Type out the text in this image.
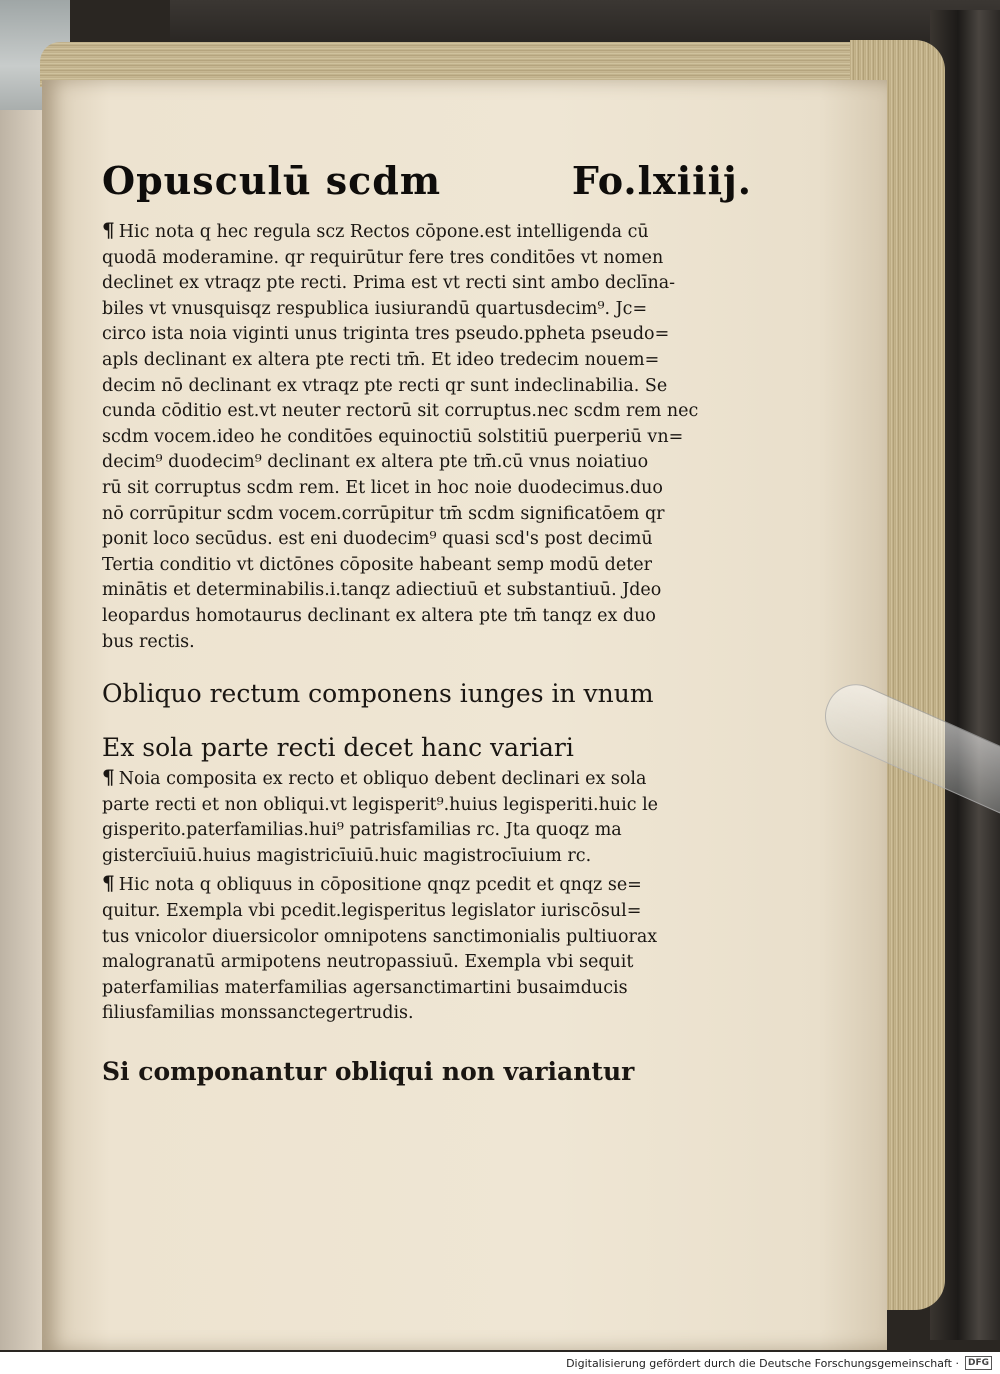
Opusculū scdm	Fo.lxiiij.

¶ Hic nota q hec regula scz Rectos cōpone.est intelligenda cū
quodā moderamine. qr requirūtur fere tres conditōes vt nomen
declinet ex vtraqz pte recti. Prima est vt recti sint ambo declīna-
biles vt vnusquisqz respublica iusiurandū quartusdecim⁹. Jc=
circo ista noia viginti unus triginta tres pseudo.ppheta pseudo=
apls declinant ex altera pte recti tm̄. Et ideo tredecim nouem=
decim nō declinant ex vtraqz pte recti qr sunt indeclinabilia. Se
cunda cōditio est.vt neuter rectorū sit corruptus.nec scdm rem nec
scdm vocem.ideo he conditōes equinoctiū solstitiū puerperiū vn=
decim⁹ duodecim⁹ declinant ex altera pte tm̄.cū vnus noiatiuo
rū sit corruptus scdm rem. Et licet in hoc noie duodecimus.duo
nō corrūpitur scdm vocem.corrūpitur tm̄ scdm significatōem qr
ponit loco secūdus. est eni duodecim⁹ quasi scd's post decimū
Tertia conditio vt dictōnes cōposite habeant semp modū deter
minātis et determinabilis.i.tanqz adiectiuū et substantiuū. Jdeo
leopardus homotaurus declinant ex altera pte tm̄ tanqz ex duo
bus rectis.

Obliquo rectum componens iunges in vnum

Ex sola parte recti decet hanc variari

¶ Noia composita ex recto et obliquo debent declinari ex sola
parte recti et non obliqui.vt legisperit⁹.huius legisperiti.huic le
gisperito.paterfamilias.hui⁹ patrisfamilias rc. Jta quoqz ma
gistercīuiū.huius magistricīuiū.huic magistrocīuium rc.

¶ Hic nota q obliquus in cōpositione qnqz pcedit et qnqz se=
quitur. Exempla vbi pcedit.legisperitus legislator iuriscōsul=
tus vnicolor diuersicolor omnipotens sanctimonialis pultiuorax
malogranatū armipotens neutropassiuū. Exempla vbi sequit
paterfamilias materfamilias agersanctimartini busaimducis
filiusfamilias monssanctegertrudis.

Si componantur obliqui non variantur

Digitalisierung gefördert durch die Deutsche Forschungsgemeinschaft ·	DFG
